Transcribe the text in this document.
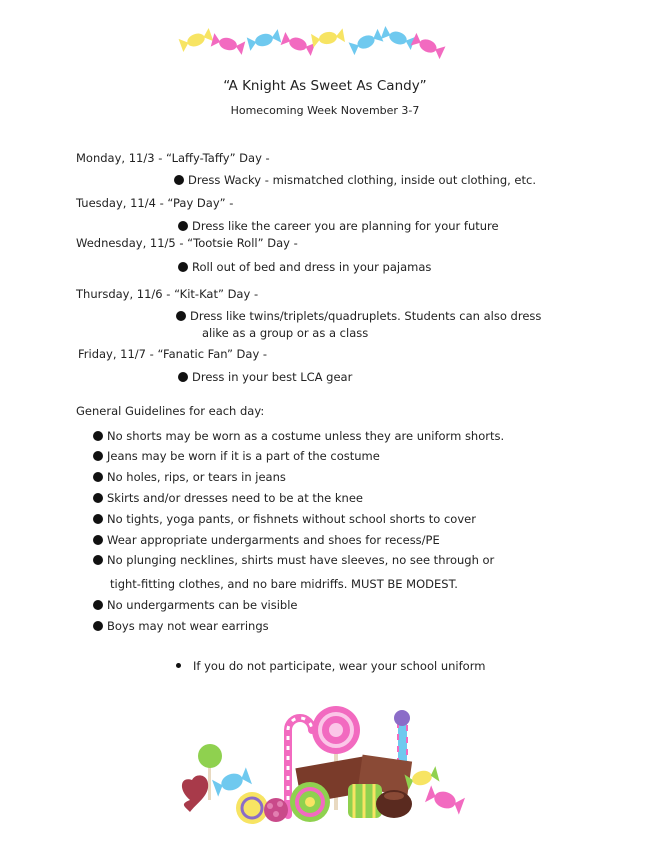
“A Knight As Sweet As Candy”
Homecoming Week November 3-7
Monday, 11/3 - “Laffy-Taffy” Day -
Dress Wacky - mismatched clothing, inside out clothing, etc.
Tuesday, 11/4 - “Pay Day” -
Dress like the career you are planning for your future
Wednesday, 11/5 - “Tootsie Roll” Day -
Roll out of bed and dress in your pajamas
Thursday, 11/6 - “Kit-Kat” Day -
Dress like twins/triplets/quadruplets. Students can also dress
alike as a group or as a class
Friday, 11/7 - “Fanatic Fan” Day -
Dress in your best LCA gear
General Guidelines for each day:
No shorts may be worn as a costume unless they are uniform shorts.
Jeans may be worn if it is a part of the costume
No holes, rips, or tears in jeans
Skirts and/or dresses need to be at the knee
No tights, yoga pants, or fishnets without school shorts to cover
Wear appropriate undergarments and shoes for recess/PE
No plunging necklines, shirts must have sleeves, no see through or
tight-fitting clothes, and no bare midriffs. MUST BE MODEST.
No undergarments can be visible
Boys may not wear earrings
If you do not participate, wear your school uniform
